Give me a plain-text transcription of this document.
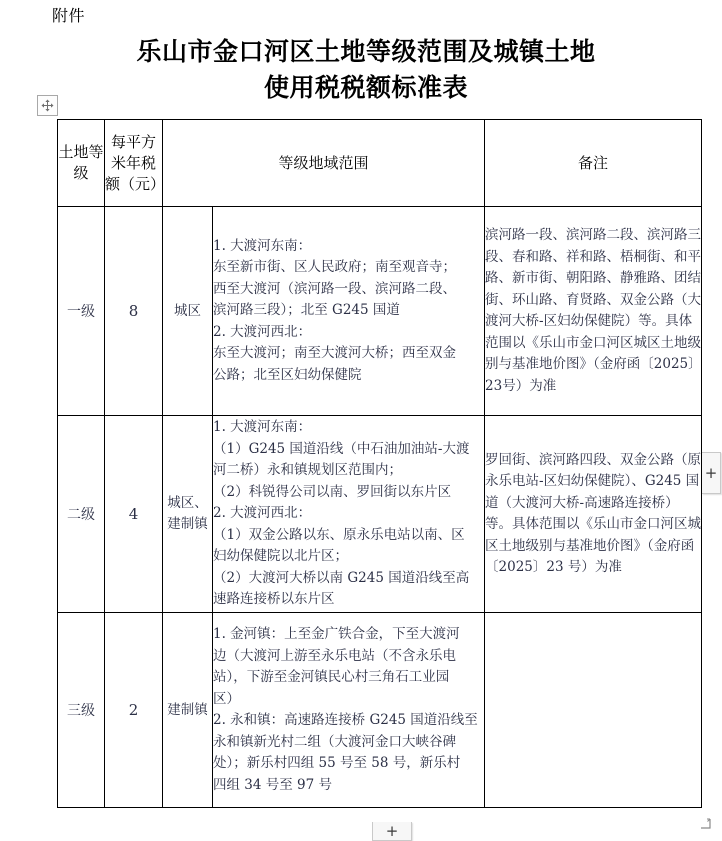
附件
乐山市金口河区土地等级范围及城镇土地
使用税税额标准表
土地等级	每平方米年税额（元）	等级地域范围		备注
一级	8	城区	
1. 大渡河东南：
东至新市街、区人民政府；南至观音寺；
西至大渡河（滨河路一段、滨河路二段、
滨河路三段）；北至 G245 国道
2. 大渡河西北：
东至大渡河；南至大渡河大桥；西至双金
公路；北至区妇幼保健院
	滨河路一段、滨河路二段、滨河路三段、春和路、祥和路、梧桐街、和平路、新市街、朝阳路、静雅路、团结街、环山路、育贤路、双金公路（大渡河大桥-区妇幼保健院）等。具体范围以《乐山市金口河区城区土地级别与基准地价图》（金府函〔2025〕23号）为准
二级	4	城区、建制镇	
1. 大渡河东南：
（1）G245 国道沿线（中石油加油站-大渡
河二桥）永和镇规划区范围内；
（2）科锐得公司以南、罗回街以东片区
2. 大渡河西北：
（1）双金公路以东、原永乐电站以南、区
妇幼保健院以北片区；
（2）大渡河大桥以南 G245 国道沿线至高
速路连接桥以东片区
	罗回街、滨河路四段、双金公路（原永乐电站-区妇幼保健院）、G245 国道（大渡河大桥-高速路连接桥）等。具体范围以《乐山市金口河区城区土地级别与基准地价图》（金府函〔2025〕23 号）为准
三级	2	建制镇	
1. 金河镇：上至金广铁合金，下至大渡河
边（大渡河上游至永乐电站（不含永乐电
站），下游至金河镇民心村三角石工业园
区）
2. 永和镇：高速路连接桥 G245 国道沿线至
永和镇新光村二组（大渡河金口大峡谷碑
处）；新乐村四组 55 号至 58 号，新乐村
四组 34 号至 97 号

+
+
